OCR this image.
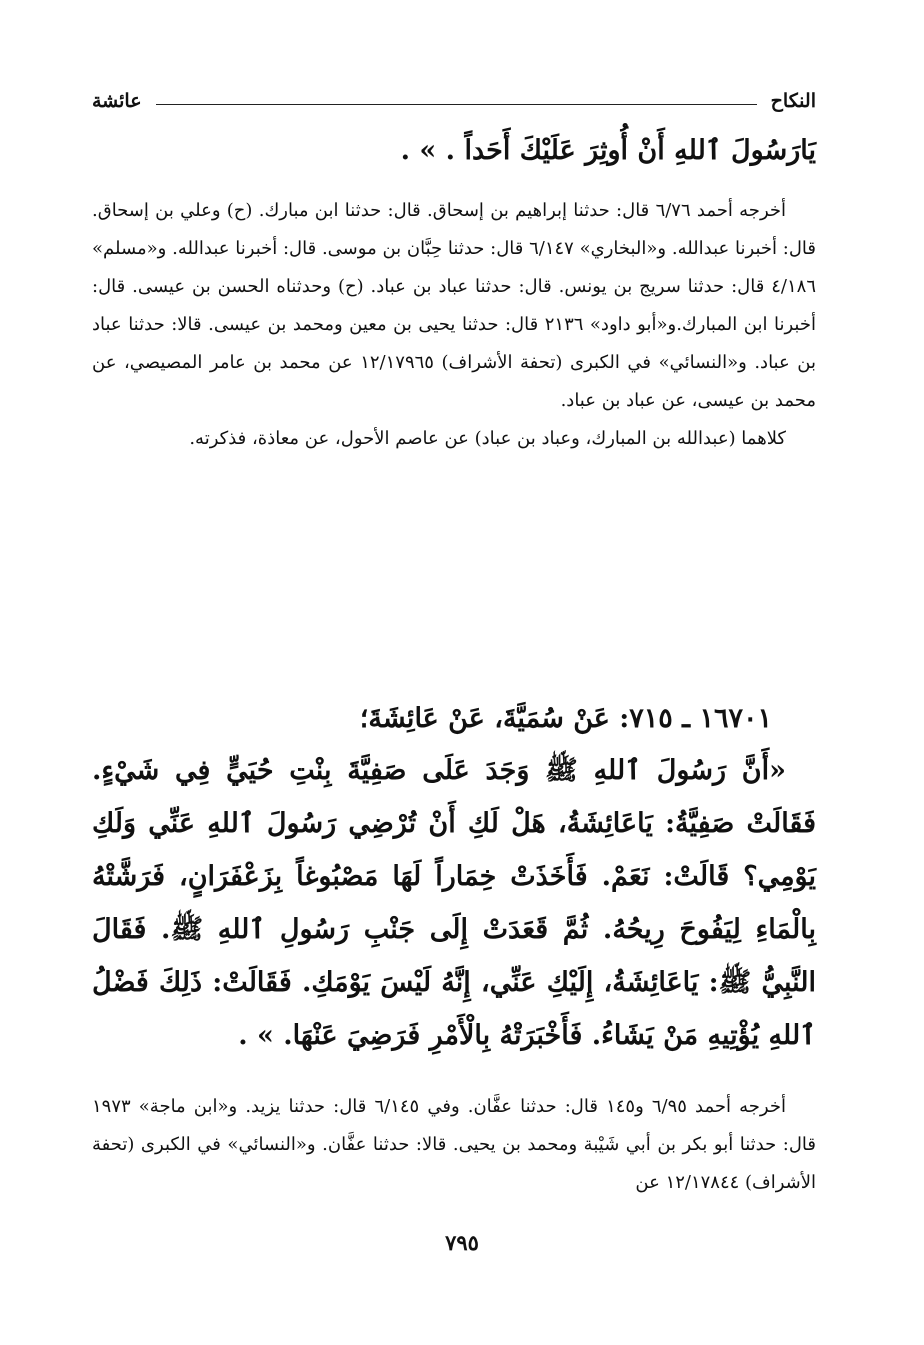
النكاح
عائشة

يَارَسُولَ ٱللهِ أَنْ أُوثِرَ عَلَيْكَ أَحَداً . » .

أخرجه أحمد ٦/٧٦ قال: حدثنا إبراهيم بن إسحاق. قال: حدثنا ابن مبارك. (ح) وعلي بن إسحاق. قال: أخبرنا عبدالله. و«البخاري» ٦/١٤٧ قال: حدثنا حِبَّان بن موسى. قال: أخبرنا عبدالله. و«مسلم» ٤/١٨٦ قال: حدثنا سريج بن يونس. قال: حدثنا عباد بن عباد. (ح) وحدثناه الحسن بن عيسى. قال: أخبرنا ابن المبارك.و«أبو داود» ٢١٣٦ قال: حدثنا يحيى بن معين ومحمد بن عيسى. قالا: حدثنا عباد بن عباد. و«النسائي» في الكبرى (تحفة الأشراف) ١٢/١٧٩٦٥ عن محمد بن عامر المصيصي، عن محمد بن عيسى، عن عباد بن عباد.

كلاهما (عبدالله بن المبارك، وعباد بن عباد) عن عاصم الأحول، عن معاذة، فذكرته.

١٦٧٠١ ـ ٧١٥: عَنْ سُمَيَّةَ، عَنْ عَائِشَةَ؛

«أَنَّ رَسُولَ ٱللهِ ﷺ وَجَدَ عَلَى صَفِيَّةَ بِنْتِ حُيَيٍّ فِي شَيْءٍ. فَقَالَتْ صَفِيَّةُ: يَاعَائِشَةُ، هَلْ لَكِ أَنْ تُرْضِي رَسُولَ ٱللهِ عَنِّي وَلَكِ يَوْمِي؟ قَالَتْ: نَعَمْ. فَأَخَذَتْ خِمَاراً لَهَا مَصْبُوغاً بِزَعْفَرَانٍ، فَرَشَّتْهُ بِالْمَاءِ لِيَفُوحَ رِيحُهُ. ثُمَّ قَعَدَتْ إِلَى جَنْبِ رَسُولِ ٱللهِ ﷺ. فَقَالَ النَّبِيُّ ﷺ: يَاعَائِشَةُ، إِلَيْكِ عَنِّي، إِنَّهُ لَيْسَ يَوْمَكِ. فَقَالَتْ: ذَلِكَ فَضْلُ ٱللهِ يُؤْتِيهِ مَنْ يَشَاءُ. فَأَخْبَرَتْهُ بِالْأَمْرِ فَرَضِيَ عَنْهَا. » .

أخرجه أحمد ٦/٩٥ و١٤٥ قال: حدثنا عفَّان. وفي ٦/١٤٥ قال: حدثنا يزيد. و«ابن ماجة» ١٩٧٣ قال: حدثنا أبو بكر بن أبي شَيْبة ومحمد بن يحيى. قالا: حدثنا عفَّان. و«النسائي» في الكبرى (تحفة الأشراف) ١٢/١٧٨٤٤ عن

٧٩٥
